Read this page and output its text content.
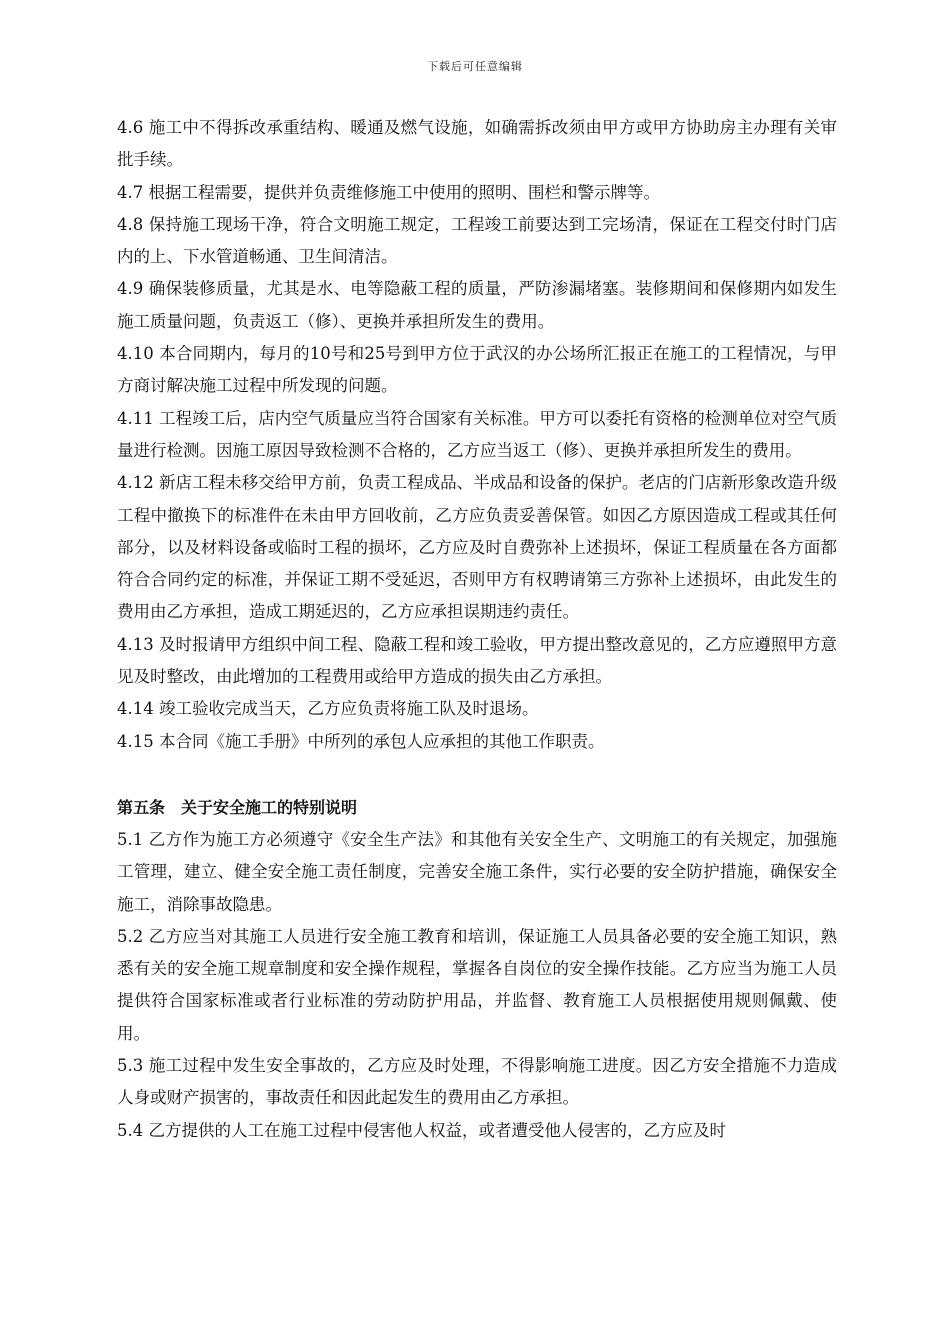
下载后可任意编辑

4.6 施工中不得拆改承重结构、暖通及燃气设施，如确需拆改须由甲方或甲方协助房主办理有关审批手续。

4.7 根据工程需要，提供并负责维修施工中使用的照明、围栏和警示牌等。

4.8 保持施工现场干净，符合文明施工规定，工程竣工前要达到工完场清，保证在工程交付时门店内的上、下水管道畅通、卫生间清洁。

4.9 确保装修质量，尤其是水、电等隐蔽工程的质量，严防渗漏堵塞。装修期间和保修期内如发生施工质量问题，负责返工（修）、更换并承担所发生的费用。

4.10 本合同期内，每月的10号和25号到甲方位于武汉的办公场所汇报正在施工的工程情况，与甲方商讨解决施工过程中所发现的问题。

4.11 工程竣工后，店内空气质量应当符合国家有关标准。甲方可以委托有资格的检测单位对空气质量进行检测。因施工原因导致检测不合格的，乙方应当返工（修）、更换并承担所发生的费用。

4.12 新店工程未移交给甲方前，负责工程成品、半成品和设备的保护。老店的门店新形象改造升级工程中撤换下的标准件在未由甲方回收前，乙方应负责妥善保管。如因乙方原因造成工程或其任何部分，以及材料设备或临时工程的损坏，乙方应及时自费弥补上述损坏，保证工程质量在各方面都符合合同约定的标准，并保证工期不受延迟，否则甲方有权聘请第三方弥补上述损坏，由此发生的费用由乙方承担，造成工期延迟的，乙方应承担误期违约责任。

4.13 及时报请甲方组织中间工程、隐蔽工程和竣工验收，甲方提出整改意见的，乙方应遵照甲方意见及时整改，由此增加的工程费用或给甲方造成的损失由乙方承担。

4.14 竣工验收完成当天，乙方应负责将施工队及时退场。

4.15 本合同《施工手册》中所列的承包人应承担的其他工作职责。

第五条　关于安全施工的特别说明

5.1 乙方作为施工方必须遵守《安全生产法》和其他有关安全生产、文明施工的有关规定，加强施工管理，建立、健全安全施工责任制度，完善安全施工条件，实行必要的安全防护措施，确保安全施工，消除事故隐患。

5.2 乙方应当对其施工人员进行安全施工教育和培训，保证施工人员具备必要的安全施工知识，熟悉有关的安全施工规章制度和安全操作规程，掌握各自岗位的安全操作技能。乙方应当为施工人员提供符合国家标准或者行业标准的劳动防护用品，并监督、教育施工人员根据使用规则佩戴、使用。

5.3 施工过程中发生安全事故的，乙方应及时处理，不得影响施工进度。因乙方安全措施不力造成人身或财产损害的，事故责任和因此起发生的费用由乙方承担。

5.4 乙方提供的人工在施工过程中侵害他人权益，或者遭受他人侵害的，乙方应及时
